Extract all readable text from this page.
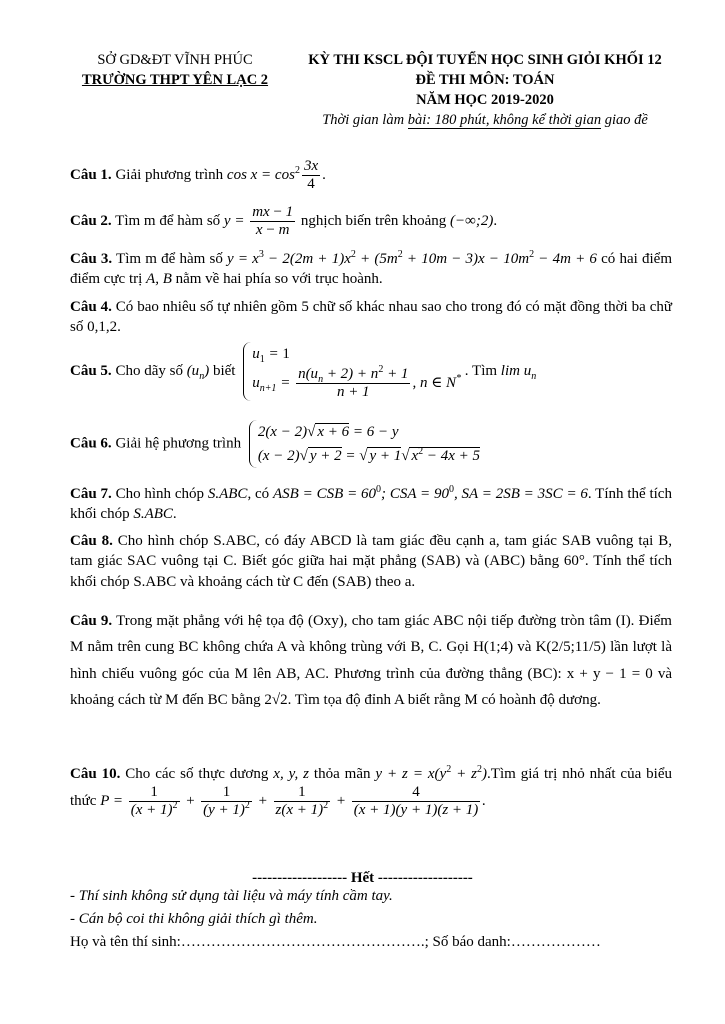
SỞ GD&ĐT VĨNH PHÚC
TRƯỜNG THPT YÊN LẠC 2
KỲ THI KSCL ĐỘI TUYỂN HỌC SINH GIỎI KHỐI 12
ĐỀ THI MÔN: TOÁN
NĂM HỌC 2019-2020
Thời gian làm bài: 180 phút, không kể thời gian giao đề
Câu 1. Giải phương trình $\cos x = \cos^2 \frac{3x}{4}$ .
Câu 2. Tìm m để hàm số $y = \frac{mx - 1}{x - m}$ nghịch biến trên khoảng (−∞;2).
Câu 3. Tìm m để hàm số $y = x^3 - 2(2m + 1)x^2 + (5m^2 + 10m - 3)x - 10m^2 - 4m + 6$ có hai điểm điểm cực trị A, B nằm về hai phía so với trục hoành.
Câu 4. Có bao nhiêu số tự nhiên gồm 5 chữ số khác nhau sao cho trong đó có mặt đồng thời ba chữ số 0,1,2.
Câu 5. Cho dãy số $(u_n)$ biết
$u_1 = 1$
$u_{n+1} = \frac{n(u_n + 2) + n^2 + 1}{n + 1}$ , n ∈ N* . Tìm $\lim u_n$
Câu 6. Giải hệ phương trình
2(x − 2)√ x + 6 = 6 − y
(x − 2)√ y + 2 = √ y + 1√ $x^2 - 4x + 5$
Câu 7. Cho hình chóp S.ABC, có ASB = CSB = $60^0$; CSA = $90^0$, SA = 2SB = 3SC = 6. Tính thể tích khối chóp S.ABC.
Câu 8. Cho hình chóp S.ABC, có đáy ABCD là tam giác đều cạnh a, tam giác SAB vuông tại B, tam giác SAC vuông tại C. Biết góc giữa hai mặt phẳng (SAB) và (ABC) bằng 60°. Tính thể tích khối chóp S.ABC và khoảng cách từ C đến (SAB) theo a.
Câu 9. Trong mặt phẳng với hệ tọa độ (Oxy), cho tam giác ABC nội tiếp đường tròn tâm (I). Điểm M nằm trên cung BC không chứa A và không trùng với B, C. Gọi H(1;4) và K(2/5;11/5) lần lượt là hình chiếu vuông góc của M lên AB, AC. Phương trình của đường thẳng (BC): x + y − 1 = 0 và khoảng cách từ M đến BC bằng 2√2. Tìm tọa độ đỉnh A biết rằng M có hoành độ dương.
Câu 10. Cho các số thực dương x, y, z thỏa mãn $y + z = x(y^2$ + $z^2).Tìm$ giá trị nhỏ nhất của biểu thức $P = \frac{1}{(x + 1)^2} + \frac{1}{(y + 1)^2} + \frac{1}{z(x + 1)^2} + \frac{4}{(x + 1)(y + 1)(z + 1)}$ .
------------------- Hết -------------------
- Thí sinh không sử dụng tài liệu và máy tính cầm tay.
- Cán bộ coi thi không giải thích gì thêm.
Họ và tên thí sinh:………………………………………….; Số báo danh:………………
